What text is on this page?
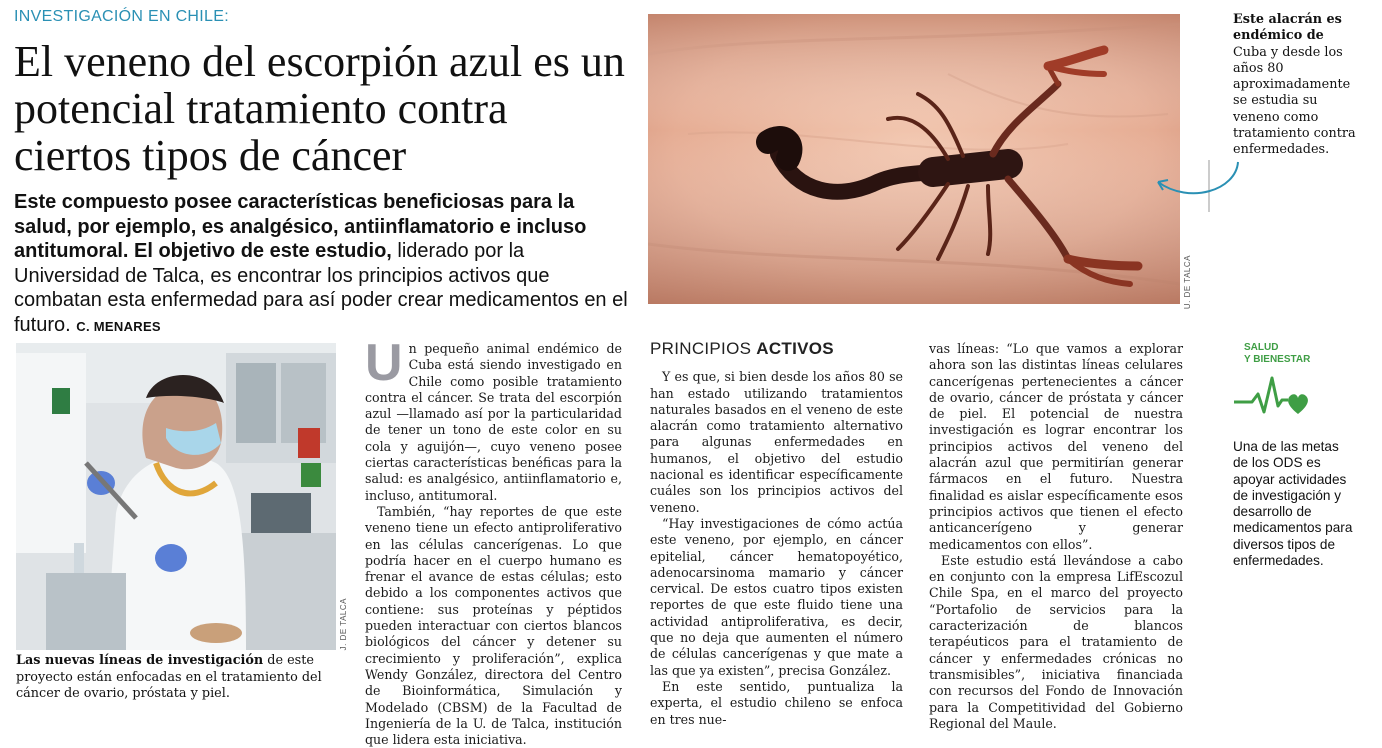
INVESTIGACIÓN EN CHILE:
El veneno del escorpión azul es un potencial tratamiento contra ciertos tipos de cáncer
Este compuesto posee características beneficiosas para la salud, por ejemplo, es analgésico, antiinflamatorio e incluso antitumoral. El objetivo de este estudio, liderado por la Universidad de Talca, es encontrar los principios activos que combatan esta enfermedad para así poder crear medicamentos en el futuro. C. MENARES
U. DE TALCA
Este alacrán es endémico de Cuba y desde los años 80 aproximadamente se estudia su veneno como tratamiento contra enfermedades.
J. DE TALCA
Las nuevas líneas de investigación de este proyecto están enfocadas en el tratamiento del cáncer de ovario, próstata y piel.
U n pequeño animal endémico de Cuba está siendo investigado en Chile como posible tratamiento contra el cáncer. Se trata del escorpión azul —llamado así por la particularidad de tener un tono de este color en su cola y aguijón—, cuyo veneno posee ciertas características benéficas para la salud: es analgésico, antiinflamatorio e, incluso, antitumoral.

También, “hay reportes de que este veneno tiene un efecto antiproliferativo en las células cancerígenas. Lo que podría hacer en el cuerpo humano es frenar el avance de estas células; esto debido a los componentes activos que contiene: sus proteínas y péptidos pueden interactuar con ciertos blancos biológicos del cáncer y detener su crecimiento y proliferación”, explica Wendy González, directora del Centro de Bioinformática, Simulación y Modelado (CBSM) de la Facultad de Ingeniería de la U. de Talca, institución que lidera esta iniciativa.

PRINCIPIOS ACTIVOS

Y es que, si bien desde los años 80 se han estado utilizando tratamientos naturales basados en el veneno de este alacrán como tratamiento alternativo para algunas enfermedades en humanos, el objetivo del estudio nacional es identificar específicamente cuáles son los principios activos del veneno.

“Hay investigaciones de cómo actúa este veneno, por ejemplo, en cáncer epitelial, cáncer hematopoyético, adenocarsinoma mamario y cáncer cervical. De estos cuatro tipos existen reportes de que este fluido tiene una actividad antiproliferativa, es decir, que no deja que aumenten el número de células cancerígenas y que mate a las que ya existen”, precisa González.

En este sentido, puntualiza la experta, el estudio chileno se enfoca en tres nue-

vas líneas: “Lo que vamos a explorar ahora son las distintas líneas celulares cancerígenas pertenecientes a cáncer de ovario, cáncer de próstata y cáncer de piel. El potencial de nuestra investigación es lograr encontrar los principios activos del veneno del alacrán azul que permitirían generar fármacos en el futuro. Nuestra finalidad es aislar específicamente esos principios activos que tienen el efecto anticancerígeno y generar medicamentos con ellos”.

Este estudio está llevándose a cabo en conjunto con la empresa LifEscozul Chile Spa, en el marco del proyecto “Portafolio de servicios para la caracterización de blancos terapéuticos para el tratamiento de cáncer y enfermedades crónicas no transmisibles”, iniciativa financiada con recursos del Fondo de Innovación para la Competitividad del Gobierno Regional del Maule.

SALUD
Y BIENESTAR
Una de las metas de los ODS es apoyar actividades de investigación y desarrollo de medicamentos para diversos tipos de enfermedades.
